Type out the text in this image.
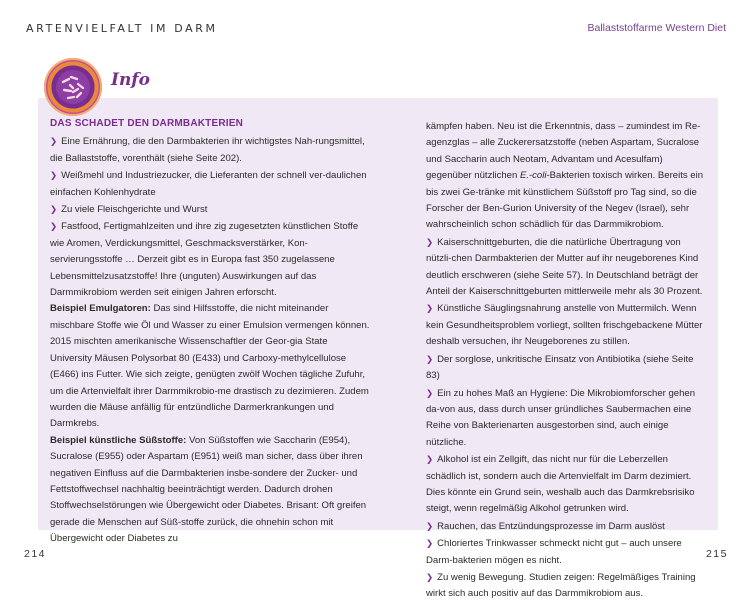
ARTENVIELFALT IM DARM	Ballaststoffarme Western Diet
Info
DAS SCHADET DEN DARMBAKTERIEN

❯ Eine Ernährung, die den Darmbakterien ihr wichtigstes Nah-rungsmittel, die Ballaststoffe, vorenthält (siehe Seite 202).

❯ Weißmehl und Industriezucker, die Lieferanten der schnell ver-daulichen einfachen Kohlenhydrate

❯ Zu viele Fleischgerichte und Wurst

❯ Fastfood, Fertigmahlzeiten und ihre zig zugesetzten künstlichen Stoffe wie Aromen, Verdickungsmittel, Geschmacksverstärker, Kon-servierungsstoffe … Derzeit gibt es in Europa fast 350 zugelassene Lebensmittelzusatzstoffe! Ihre (unguten) Auswirkungen auf das Darmmikrobiom werden seit einigen Jahren erforscht.

Beispiel Emulgatoren: Das sind Hilfsstoffe, die nicht miteinander mischbare Stoffe wie Öl und Wasser zu einer Emulsion vermengen können. 2015 mischten amerikanische Wissenschaftler der Geor-gia State University Mäusen Polysorbat 80 (E433) und Carboxy-methylcellulose (E466) ins Futter. Wie sich zeigte, genügten zwölf Wochen tägliche Zufuhr, um die Artenvielfalt ihrer Darmmikrobio-me drastisch zu dezimieren. Zudem wurden die Mäuse anfällig für entzündliche Darmerkrankungen und Darmkrebs.

Beispiel künstliche Süßstoffe: Von Süßstoffen wie Saccharin (E954), Sucralose (E955) oder Aspartam (E951) weiß man sicher, dass über ihren negativen Einfluss auf die Darmbakterien insbe-sondere der Zucker- und Fettstoffwechsel nachhaltig beeinträchtigt werden. Dadurch drohen Stoffwechselstörungen wie Übergewicht oder Diabetes. Brisant: Oft greifen gerade die Menschen auf Süß-stoffe zurück, die ohnehin schon mit Übergewicht oder Diabetes zu

kämpfen haben. Neu ist die Erkenntnis, dass – zumindest im Re-agenzglas – alle Zuckerersatzstoffe (neben Aspartam, Sucralose und Saccharin auch Neotam, Advantam und Acesulfam) gegenüber nützlichen E.-coli-Bakterien toxisch wirken. Bereits ein bis zwei Ge-tränke mit künstlichem Süßstoff pro Tag sind, so die Forscher der Ben-Gurion University of the Negev (Israel), sehr wahrscheinlich schon schädlich für das Darmmikrobiom.

❯ Kaiserschnittgeburten, die die natürliche Übertragung von nützli-chen Darmbakterien der Mutter auf ihr neugeborenes Kind deutlich erschweren (siehe Seite 57). In Deutschland beträgt der Anteil der Kaiserschnittgeburten mittlerweile mehr als 30 Prozent.

❯ Künstliche Säuglingsnahrung anstelle von Muttermilch. Wenn kein Gesundheitsproblem vorliegt, sollten frischgebackene Mütter deshalb versuchen, ihr Neugeborenes zu stillen.

❯ Der sorglose, unkritische Einsatz von Antibiotika (siehe Seite 83)

❯ Ein zu hohes Maß an Hygiene: Die Mikrobiomforscher gehen da-von aus, dass durch unser gründliches Saubermachen eine Reihe von Bakterienarten ausgestorben sind, auch einige nützliche.

❯ Alkohol ist ein Zellgift, das nicht nur für die Leberzellen schädlich ist, sondern auch die Artenvielfalt im Darm dezimiert. Dies könnte ein Grund sein, weshalb auch das Darmkrebsrisiko steigt, wenn regelmäßig Alkohol getrunken wird.

❯ Rauchen, das Entzündungsprozesse im Darm auslöst

❯ Chloriertes Trinkwasser schmeckt nicht gut – auch unsere Darm-bakterien mögen es nicht.

❯ Zu wenig Bewegung. Studien zeigen: Regelmäßiges Training wirkt sich auch positiv auf das Darmmikrobiom aus.

214	215
